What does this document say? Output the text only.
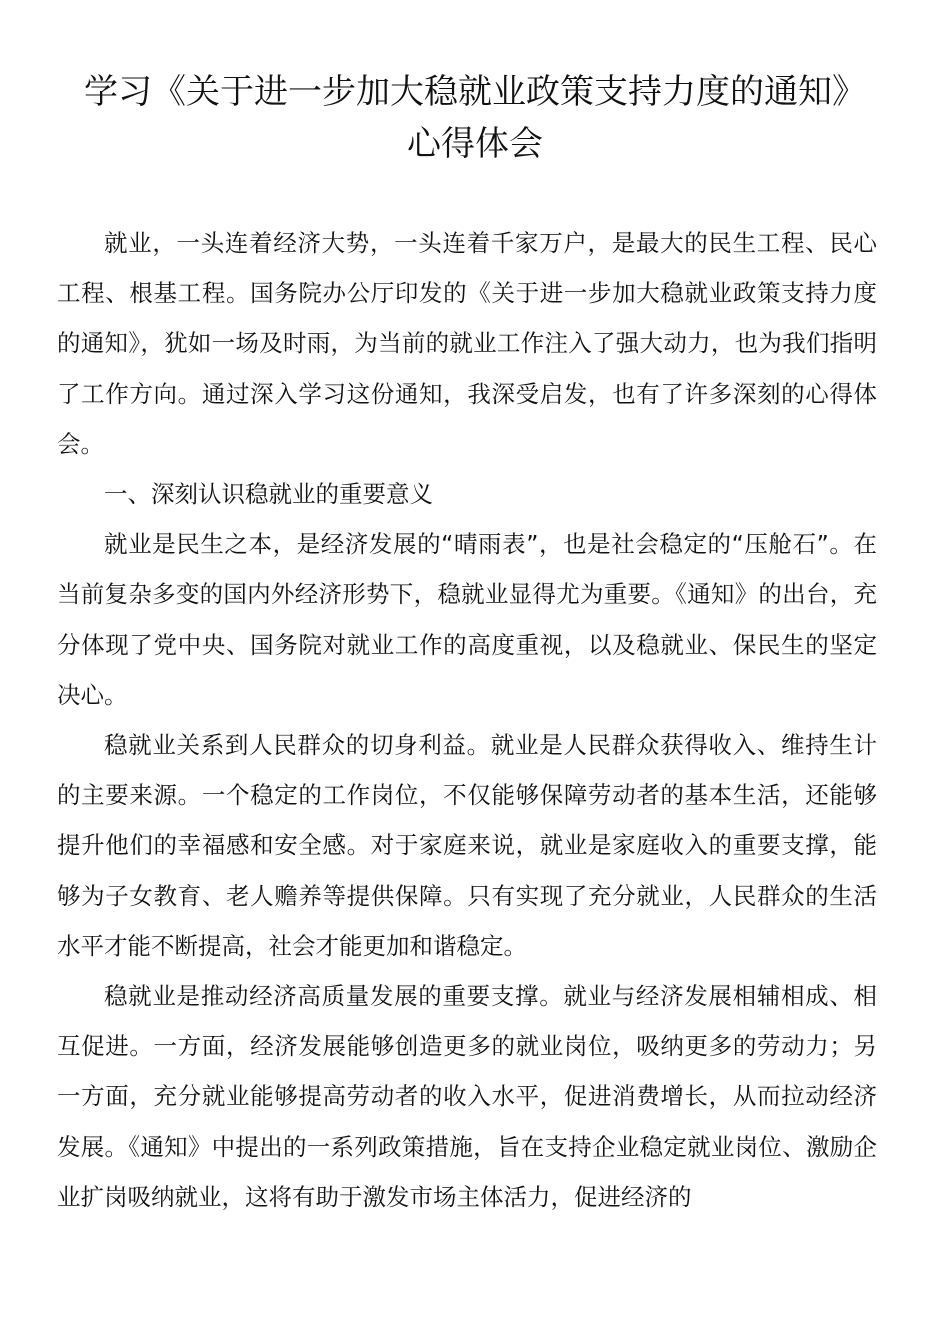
学习《关于进一步加大稳就业政策支持力度的通知》
心得体会

就业，一头连着经济大势，一头连着千家万户，是最大的民生工程、民心工程、根基工程。国务院办公厅印发的《关于进一步加大稳就业政策支持力度的通知》，犹如一场及时雨，为当前的就业工作注入了强大动力，也为我们指明了工作方向。通过深入学习这份通知，我深受启发，也有了许多深刻的心得体会。

一、深刻认识稳就业的重要意义

就业是民生之本，是经济发展的“晴雨表”，也是社会稳定的“压舱石”。在当前复杂多变的国内外经济形势下，稳就业显得尤为重要。《通知》的出台，充分体现了党中央、国务院对就业工作的高度重视，以及稳就业、保民生的坚定决心。

稳就业关系到人民群众的切身利益。就业是人民群众获得收入、维持生计的主要来源。一个稳定的工作岗位，不仅能够保障劳动者的基本生活，还能够提升他们的幸福感和安全感。对于家庭来说，就业是家庭收入的重要支撑，能够为子女教育、老人赡养等提供保障。只有实现了充分就业，人民群众的生活水平才能不断提高，社会才能更加和谐稳定。

稳就业是推动经济高质量发展的重要支撑。就业与经济发展相辅相成、相互促进。一方面，经济发展能够创造更多的就业岗位，吸纳更多的劳动力；另一方面，充分就业能够提高劳动者的收入水平，促进消费增长，从而拉动经济发展。《通知》中提出的一系列政策措施，旨在支持企业稳定就业岗位、激励企业扩岗吸纳就业，这将有助于激发市场主体活力，促进经济的
